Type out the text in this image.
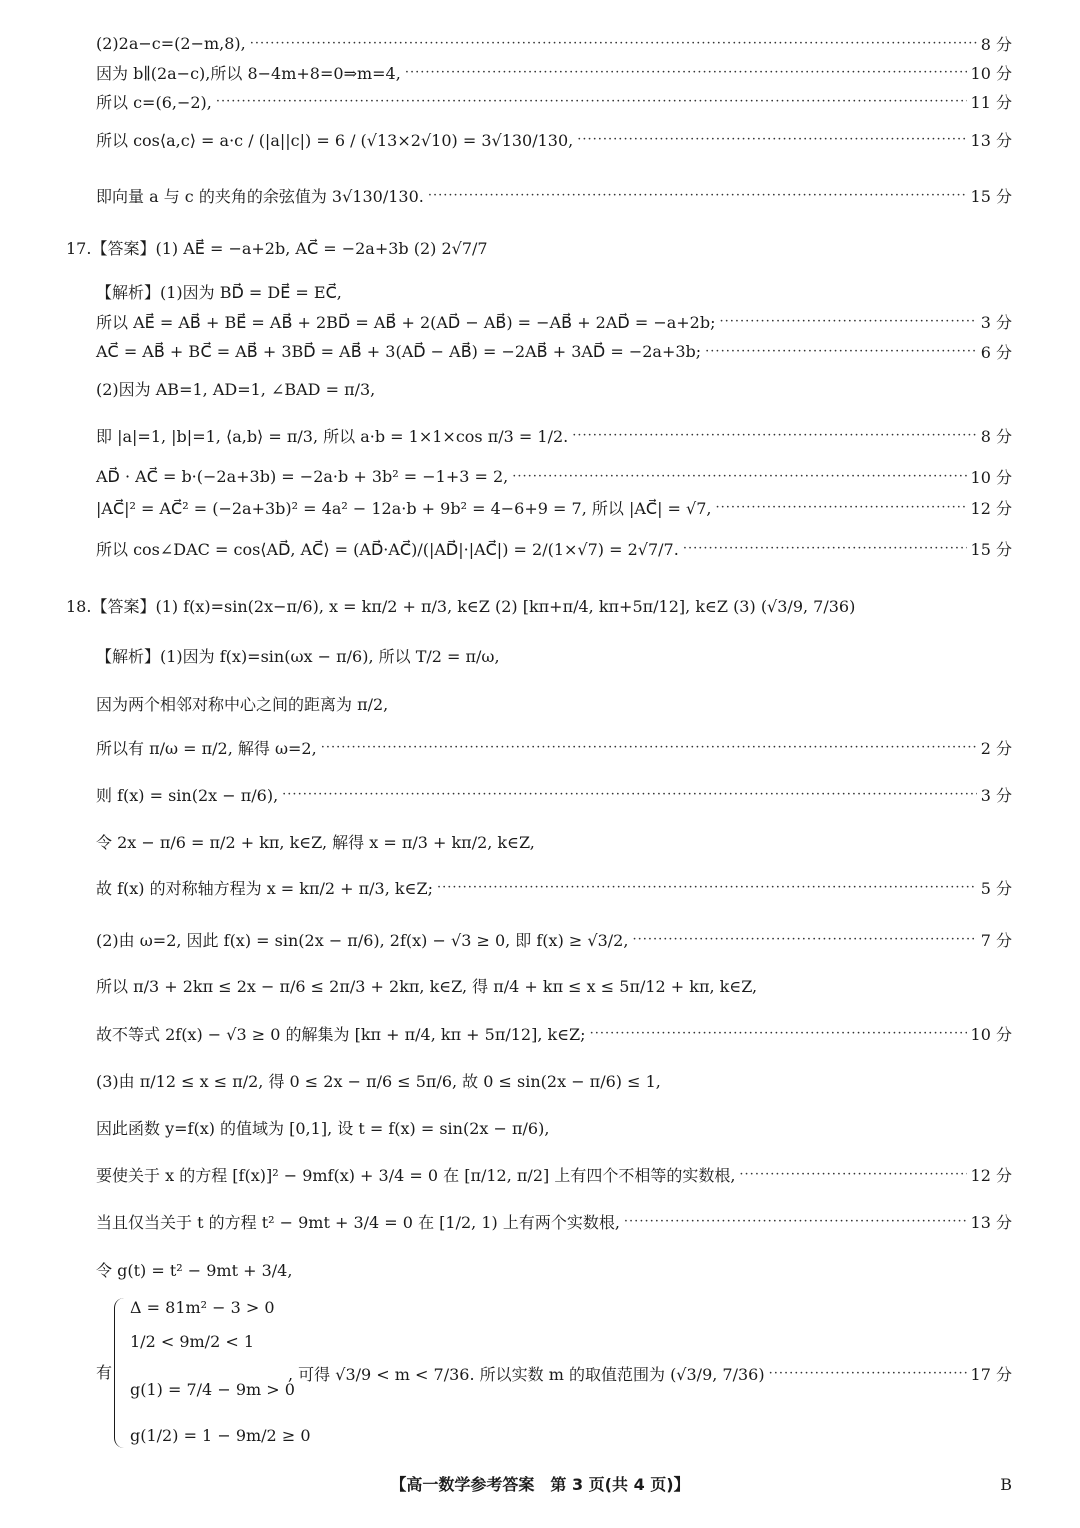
(2)2a−c=(2−m,8), ·····	8 分
因为 b∥(2a−c),所以 8−4m+8=0⇒m=4, ·····	10 分
所以 c=(6,−2), ·····	11 分
所以 cos⟨a,c⟩ = a·c / (|a||c|) = 6 / (√13×2√10) = 3√130/130, ·····	13 分
即向量 a 与 c 的夹角的余弦值为 3√130/130. ·····	15 分
17.【答案】(1) AE⃗ = −a+2b, AC⃗ = −2a+3b (2) 2√7/7
【解析】(1)因为 BD⃗ = DE⃗ = EC⃗,
所以 AE⃗ = AB⃗ + BE⃗ = AB⃗ + 2BD⃗ = AB⃗ + 2(AD⃗ − AB⃗) = −AB⃗ + 2AD⃗ = −a+2b; ·····	3 分
AC⃗ = AB⃗ + BC⃗ = AB⃗ + 3BD⃗ = AB⃗ + 3(AD⃗ − AB⃗) = −2AB⃗ + 3AD⃗ = −2a+3b; ·····	6 分
(2)因为 AB=1, AD=1, ∠BAD = π/3,
即 |a|=1, |b|=1, ⟨a,b⟩ = π/3, 所以 a·b = 1×1×cos π/3 = 1/2. ·····	8 分
AD⃗ · AC⃗ = b·(−2a+3b) = −2a·b + 3b² = −1+3 = 2, ·····	10 分
|AC⃗|² = AC⃗² = (−2a+3b)² = 4a² − 12a·b + 9b² = 4−6+9 = 7, 所以 |AC⃗| = √7, ·····	12 分
所以 cos∠DAC = cos⟨AD⃗, AC⃗⟩ = (AD⃗·AC⃗)/(|AD⃗|·|AC⃗|) = 2/(1×√7) = 2√7/7. ·····	15 分
18.【答案】(1) f(x)=sin(2x−π/6), x = kπ/2 + π/3, k∈Z (2) [kπ+π/4, kπ+5π/12], k∈Z (3) (√3/9, 7/36)
【解析】(1)因为 f(x)=sin(ωx − π/6), 所以 T/2 = π/ω,
因为两个相邻对称中心之间的距离为 π/2,
所以有 π/ω = π/2, 解得 ω=2, ·····	2 分
则 f(x) = sin(2x − π/6), ·····	3 分
令 2x − π/6 = π/2 + kπ, k∈Z, 解得 x = π/3 + kπ/2, k∈Z,
故 f(x) 的对称轴方程为 x = kπ/2 + π/3, k∈Z; ·····	5 分
(2)由 ω=2, 因此 f(x) = sin(2x − π/6), 2f(x) − √3 ≥ 0, 即 f(x) ≥ √3/2, ·····	7 分
所以 π/3 + 2kπ ≤ 2x − π/6 ≤ 2π/3 + 2kπ, k∈Z, 得 π/4 + kπ ≤ x ≤ 5π/12 + kπ, k∈Z,
故不等式 2f(x) − √3 ≥ 0 的解集为 [kπ + π/4, kπ + 5π/12], k∈Z; ·····	10 分
(3)由 π/12 ≤ x ≤ π/2, 得 0 ≤ 2x − π/6 ≤ 5π/6, 故 0 ≤ sin(2x − π/6) ≤ 1,
因此函数 y=f(x) 的值域为 [0,1], 设 t = f(x) = sin(2x − π/6),
要使关于 x 的方程 [f(x)]² − 9mf(x) + 3/4 = 0 在 [π/12, π/2] 上有四个不相等的实数根, ·····	12 分
当且仅当关于 t 的方程 t² − 9mt + 3/4 = 0 在 [1/2, 1) 上有两个实数根, ·····	13 分
令 g(t) = t² − 9mt + 3/4,
有
Δ = 81m² − 3 > 0
1/2 < 9m/2 < 1
g(1) = 7/4 − 9m > 0
g(1/2) = 1 − 9m/2 ≥ 0
, 可得 √3/9 < m < 7/36. 所以实数 m 的取值范围为 (√3/9, 7/36) ·····	17 分
【高一数学参考答案　第 3 页(共 4 页)】	B
